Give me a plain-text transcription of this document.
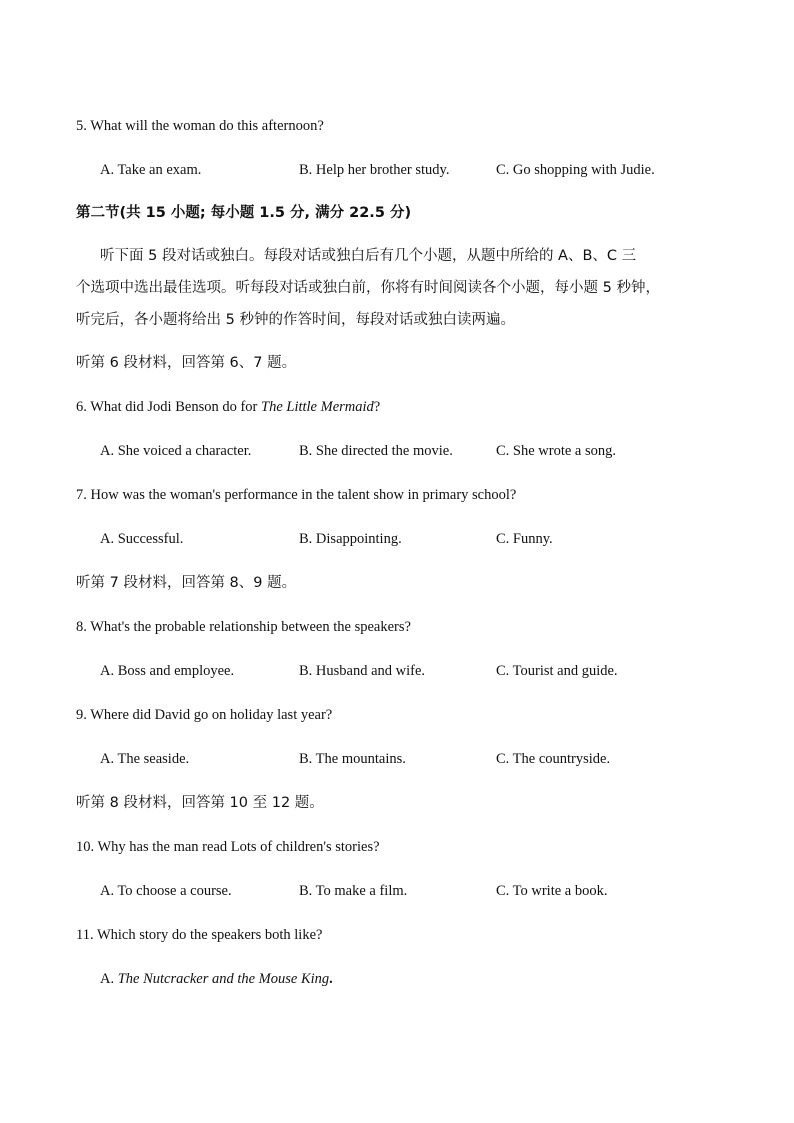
5. What will the woman do this afternoon?
A. Take an exam.	B. Help her brother study.	C. Go shopping with Judie.
第二节(共 15 小题; 每小题 1.5 分, 满分 22.5 分)
听下面 5 段对话或独白。每段对话或独白后有几个小题，从题中所给的 A、B、C 三
个选项中选出最佳选项。听每段对话或独白前，你将有时间阅读各个小题，每小题 5 秒钟，
听完后，各小题将给出 5 秒钟的作答时间，每段对话或独白读两遍。
听第 6 段材料，回答第 6、7 题。
6. What did Jodi Benson do for The Little Mermaid?
A. She voiced a character.	B. She directed the movie.	C. She wrote a song.
7. How was the woman's performance in the talent show in primary school?
A. Successful.	B. Disappointing.	C. Funny.
听第 7 段材料，回答第 8、9 题。
8. What's the probable relationship between the speakers?
A. Boss and employee.	B. Husband and wife.	C. Tourist and guide.
9. Where did David go on holiday last year?
A. The seaside.	B. The mountains.	C. The countryside.
听第 8 段材料，回答第 10 至 12 题。
10. Why has the man read Lots of children's stories?
A. To choose a course.	B. To make a film.	C. To write a book.
11. Which story do the speakers both like?
A. The Nutcracker and the Mouse King.
